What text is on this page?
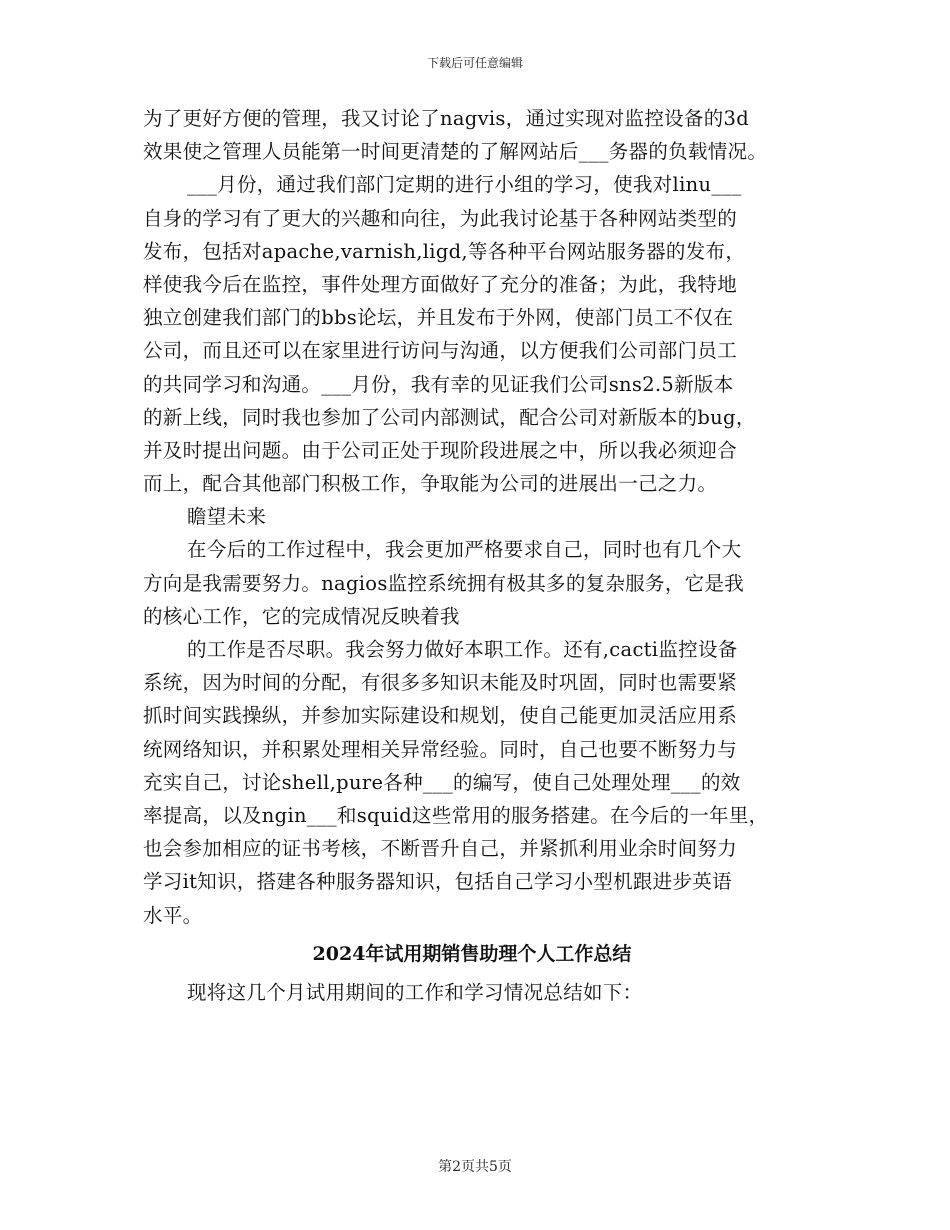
下载后可任意编辑
为了更好方便的管理，我又讨论了nagvis，通过实现对监控设备的3d
效果使之管理人员能第一时间更清楚的了解网站后___务器的负载情况。
___月份，通过我们部门定期的进行小组的学习，使我对linu___
自身的学习有了更大的兴趣和向往，为此我讨论基于各种网站类型的
发布，包括对apache,varnish,ligd,等各种平台网站服务器的发布，
样使我今后在监控，事件处理方面做好了充分的准备；为此，我特地
独立创建我们部门的bbs论坛，并且发布于外网，使部门员工不仅在
公司，而且还可以在家里进行访问与沟通，以方便我们公司部门员工
的共同学习和沟通。___月份，我有幸的见证我们公司sns2.5新版本
的新上线，同时我也参加了公司内部测试，配合公司对新版本的bug，
并及时提出问题。由于公司正处于现阶段进展之中，所以我必须迎合
而上，配合其他部门积极工作，争取能为公司的进展出一己之力。
瞻望未来
在今后的工作过程中，我会更加严格要求自己，同时也有几个大
方向是我需要努力。nagios监控系统拥有极其多的复杂服务，它是我
的核心工作，它的完成情况反映着我
的工作是否尽职。我会努力做好本职工作。还有,cacti监控设备
系统，因为时间的分配，有很多多知识未能及时巩固，同时也需要紧
抓时间实践操纵，并参加实际建设和规划，使自己能更加灵活应用系
统网络知识，并积累处理相关异常经验。同时，自己也要不断努力与
充实自己，讨论shell,pure各种___的编写，使自己处理处理___的效
率提高，以及ngin___和squid这些常用的服务搭建。在今后的一年里，
也会参加相应的证书考核，不断晋升自己，并紧抓利用业余时间努力
学习it知识，搭建各种服务器知识，包括自己学习小型机跟进步英语
水平。
2024年试用期销售助理个人工作总结
现将这几个月试用期间的工作和学习情况总结如下：
第2页共5页
